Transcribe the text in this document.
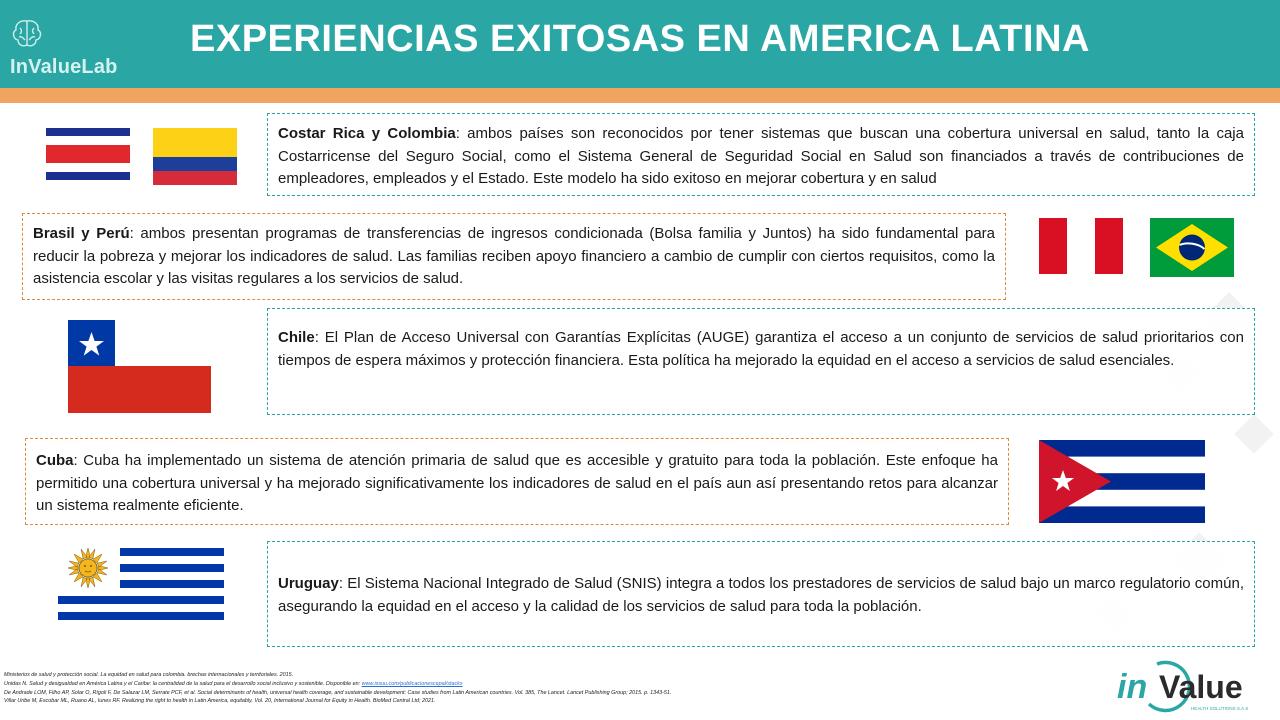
InValueLab
EXPERIENCIAS EXITOSAS EN AMERICA LATINA
Costar Rica y Colombia: ambos países son reconocidos por tener sistemas que buscan una cobertura universal en salud, tanto la caja Costarricense del Seguro Social, como el Sistema General de Seguridad Social en Salud son financiados a través de contribuciones de empleadores, empleados y el Estado. Este modelo ha sido exitoso en mejorar cobertura y en salud
Brasil y Perú: ambos presentan programas de transferencias de ingresos condicionada (Bolsa familia y Juntos) ha sido fundamental para reducir la pobreza y mejorar los indicadores de salud. Las familias reciben apoyo financiero a cambio de cumplir con ciertos requisitos, como la asistencia escolar y las visitas regulares a los servicios de salud.
Chile: El Plan de Acceso Universal con Garantías Explícitas (AUGE) garantiza el acceso a un conjunto de servicios de salud prioritarios con tiempos de espera máximos y protección financiera. Esta política ha mejorado la equidad en el acceso a servicios de salud esenciales.
Cuba: Cuba ha implementado un sistema de atención primaria de salud que es accesible y gratuito para toda la población. Este enfoque ha permitido una cobertura universal y ha mejorado significativamente los indicadores de salud en el país aun así presentando retos para alcanzar un sistema realmente eficiente.
Uruguay: El Sistema Nacional Integrado de Salud (SNIS) integra a todos los prestadores de servicios de salud bajo un marco regulatorio común, asegurando la equidad en el acceso y la calidad de los servicios de salud para toda la población.
Ministerios de salud y protección social. La equidad en salud para colombia. brechas internacionales y territoriales. 2015.
Unidas N. Salud y desigualdad en América Latina y el Caribe: la centralidad de la salud para el desarrollo social inclusivo y sostenible. Disponible en: www.issuu.com/publicacionescepal/stacks
De Andrade LOM, Filho AP, Solar O, Rígoli F, De Salazar LM, Serrate PCF, et al. Social determinants of health, universal health coverage, and sustainable development: Case studies from Latin American countries. Vol. 385, The Lancet. Lancet Publishing Group; 2015. p. 1343-51.
Villar Uribe M, Escobar ML, Ruano AL, Iunes RF. Realizing the right to health in Latin America, equitably. Vol. 20, International Journal for Equity in Health. BioMed Central Ltd; 2021.	in Value
HEALTH SOLUTIONS S.A.S
